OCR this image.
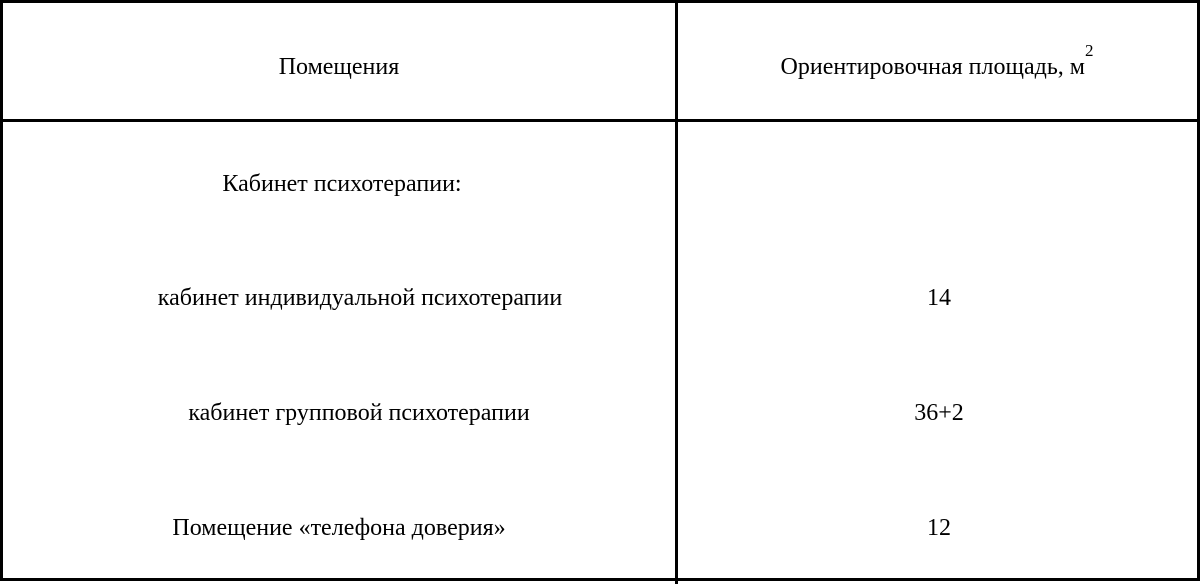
Помещения	Ориентировочная площадь, $м^2$
Кабинет психотерапии:
кабинет индивидуальной психотерапии	14
кабинет групповой психотерапии	36+2
Помещение «телефона доверия»	12
